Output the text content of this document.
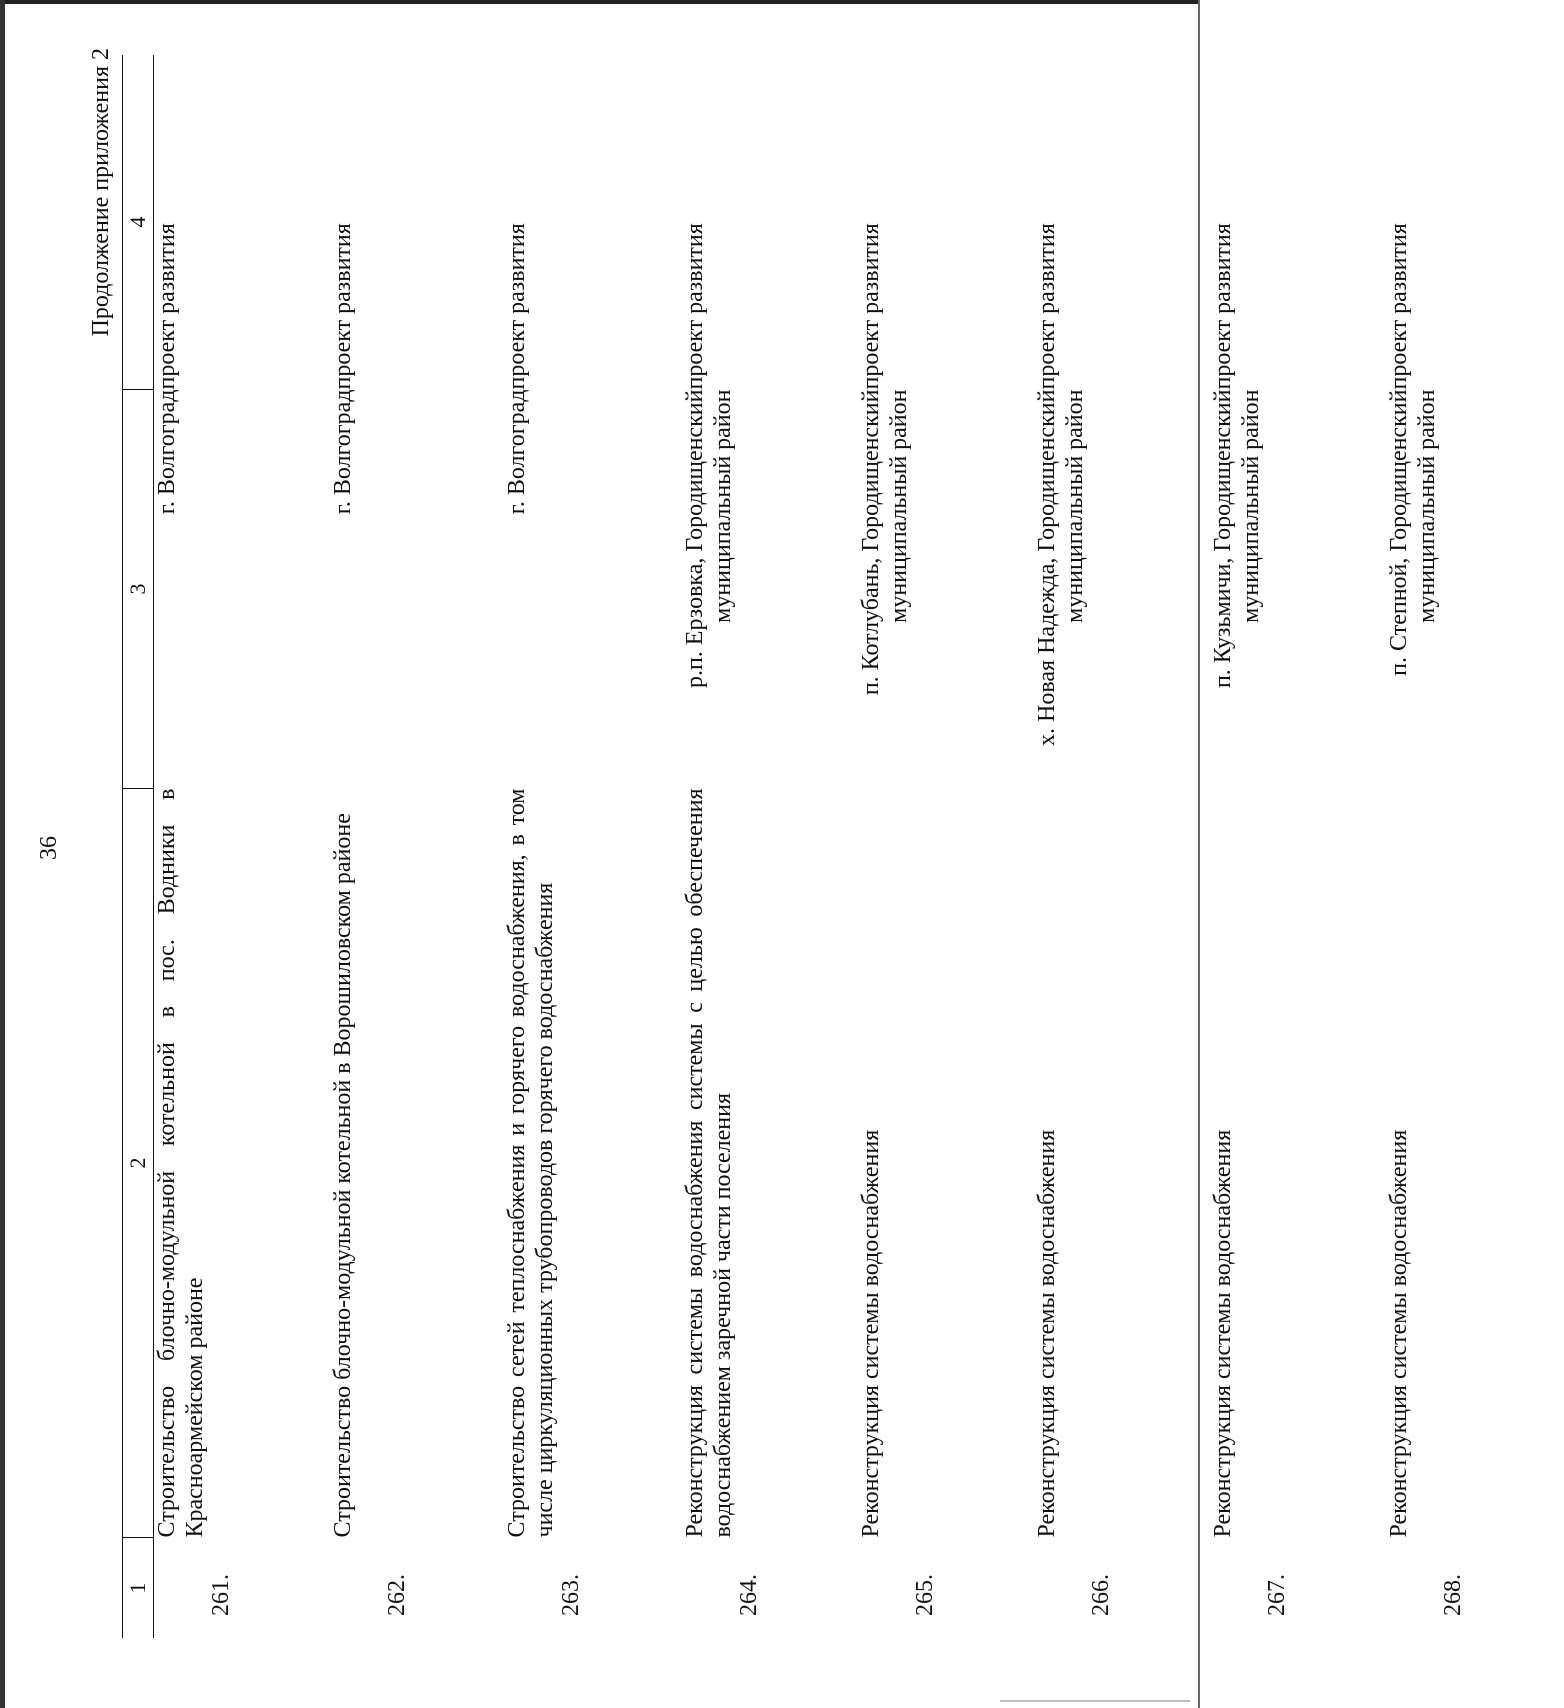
36
Продолжение приложения 2
1	2	3	4
261.	Строительство блочно-модульной котельной в пос. Водники в Красноармейском районе	г. Волгоград	проект развития
262.	Строительство блочно-модульной котельной в Ворошиловском районе	г. Волгоград	проект развития
263.	Строительство сетей теплоснабжения и горячего водоснабжения, в том числе циркуляционных трубопроводов горячего водоснабжения	г. Волгоград	проект развития
264.	Реконструкция системы водоснабжения системы с целью обеспечения водоснабжением заречной части поселения	р.п. Ерзовка, Городищенский муниципальный район	проект развития
265.	Реконструкция системы водоснабжения	п. Котлубань, Городищенский муниципальный район	проект развития
266.	Реконструкция системы водоснабжения	х. Новая Надежда, Городищенский муниципальный район	проект развития
267.	Реконструкция системы водоснабжения	п. Кузьмичи, Городищенский муниципальный район	проект развития
268.	Реконструкция системы водоснабжения	п. Степной, Городищенский муниципальный район	проект развития
